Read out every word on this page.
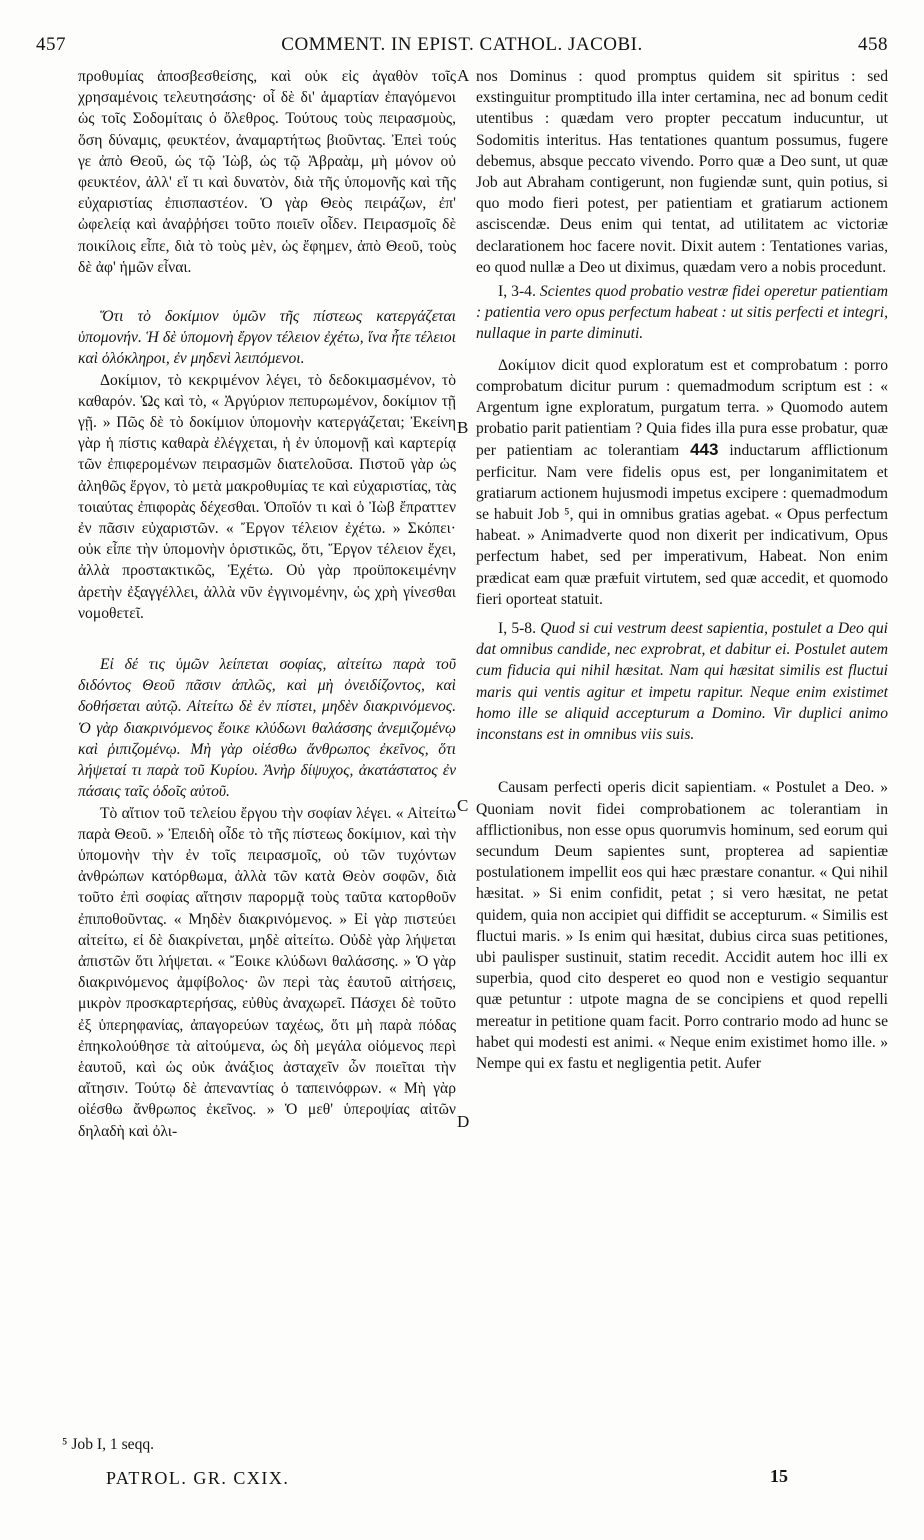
457	COMMENT. IN EPIST. CATHOL. JACOBI.	458
A
B
C
D

προθυμίας ἀποσβεσθείσης, καὶ οὐκ εἰς ἀγαθὸν τοῖς χρησαμένοις τελευτησάσης· οἷ δὲ δι' ἁμαρτίαν ἐπαγόμενοι ὡς τοῖς Σοδομίταις ὁ ὄλεθρος. Τούτους τοὺς πειρασμοὺς, ὅση δύναμις, φευκτέον, ἀναμαρτήτως βιοῦντας. Ἐπεὶ τούς γε ἀπὸ Θεοῦ, ὡς τῷ Ἰὼβ, ὡς τῷ Ἀβραὰμ, μὴ μόνον οὐ φευκτέον, ἀλλ' εἴ τι καὶ δυνατὸν, διὰ τῆς ὑπομονῆς καὶ τῆς εὐχαριστίας ἐπισπαστέον. Ὁ γὰρ Θεὸς πειράζων, ἐπ' ὠφελείᾳ καὶ ἀναῤῥήσει τοῦτο ποιεῖν οἶδεν. Πειρασμοῖς δὲ ποικίλοις εἶπε, διὰ τὸ τοὺς μὲν, ὡς ἔφημεν, ἀπὸ Θεοῦ, τοὺς δὲ ἀφ' ἡμῶν εἶναι.

Ὅτι τὸ δοκίμιον ὑμῶν τῆς πίστεως κατεργάζεται ὑπομονήν. Ἡ δὲ ὑπομονὴ ἔργον τέλειον ἐχέτω, ἵνα ἦτε τέλειοι καὶ ὁλόκληροι, ἐν μηδενὶ λειπόμενοι.

Δοκίμιον, τὸ κεκριμένον λέγει, τὸ δεδοκιμασμένον, τὸ καθαρόν. Ὡς καὶ τὸ, « Ἀργύριον πεπυρωμένον, δοκίμιον τῇ γῇ. » Πῶς δὲ τὸ δοκίμιον ὑπομονὴν κατεργάζεται; Ἐκείνη γὰρ ἡ πίστις καθαρὰ ἐλέγχεται, ἡ ἐν ὑπομονῇ καὶ καρτερίᾳ τῶν ἐπιφερομένων πειρασμῶν διατελοῦσα. Πιστοῦ γὰρ ὡς ἀληθῶς ἔργον, τὸ μετὰ μακροθυμίας τε καὶ εὐχαριστίας, τὰς τοιαύτας ἐπιφορὰς δέχεσθαι. Ὁποῖόν τι καὶ ὁ Ἰὼβ ἔπραττεν ἐν πᾶσιν εὐχαριστῶν. « Ἔργον τέλειον ἐχέτω. » Σκόπει· οὐκ εἶπε τὴν ὑπομονὴν ὁριστικῶς, ὅτι, Ἔργον τέλειον ἔχει, ἀλλὰ προστακτικῶς, Ἐχέτω. Οὐ γὰρ προϋποκειμένην ἀρετὴν ἐξαγγέλλει, ἀλλὰ νῦν ἐγγινομένην, ὡς χρὴ γίνεσθαι νομοθετεῖ.

Εἰ δέ τις ὑμῶν λείπεται σοφίας, αἰτείτω παρὰ τοῦ διδόντος Θεοῦ πᾶσιν ἁπλῶς, καὶ μὴ ὀνειδίζοντος, καὶ δοθήσεται αὐτῷ. Αἰτείτω δὲ ἐν πίστει, μηδὲν διακρινόμενος. Ὁ γὰρ διακρινόμενος ἔοικε κλύδωνι θαλάσσης ἀνεμιζομένῳ καὶ ῥιπιζομένῳ. Μὴ γὰρ οἰέσθω ἄνθρωπος ἐκεῖνος, ὅτι λήψεταί τι παρὰ τοῦ Κυρίου. Ἀνὴρ δίψυχος, ἀκατάστατος ἐν πάσαις ταῖς ὁδοῖς αὐτοῦ.

Τὸ αἴτιον τοῦ τελείου ἔργου τὴν σοφίαν λέγει. « Αἰτείτω παρὰ Θεοῦ. » Ἐπειδὴ οἶδε τὸ τῆς πίστεως δοκίμιον, καὶ τὴν ὑπομονὴν τὴν ἐν τοῖς πειρασμοῖς, οὐ τῶν τυχόντων ἀνθρώπων κατόρθωμα, ἀλλὰ τῶν κατὰ Θεὸν σοφῶν, διὰ τοῦτο ἐπὶ σοφίας αἴτησιν παρορμᾷ τοὺς ταῦτα κατορθοῦν ἐπιποθοῦντας. « Μηδὲν διακρινόμενος. » Εἰ γὰρ πιστεύει αἰτείτω, εἰ δὲ διακρίνεται, μηδὲ αἰτείτω. Οὐδὲ γὰρ λήψεται ἀπιστῶν ὅτι λήψεται. « Ἔοικε κλύδωνι θαλάσσης. » Ὁ γὰρ διακρινόμενος ἀμφίβολος· ὢν περὶ τὰς ἑαυτοῦ αἰτήσεις, μικρὸν προσκαρτερήσας, εὐθὺς ἀναχωρεῖ. Πάσχει δὲ τοῦτο ἐξ ὑπερηφανίας, ἀπαγορεύων ταχέως, ὅτι μὴ παρὰ πόδας ἐπηκολούθησε τὰ αἰτούμενα, ὡς δὴ μεγάλα οἰόμενος περὶ ἑαυτοῦ, καὶ ὡς οὐκ ἀνάξιος ἀσταχεῖν ὧν ποιεῖται τὴν αἴτησιν. Τούτῳ δὲ ἀπεναντίας ὁ ταπεινόφρων. « Μὴ γὰρ οἰέσθω ἄνθρωπος ἐκεῖνος. » Ὁ μεθ' ὑπεροψίας αἰτῶν δηλαδὴ καὶ ὀλι-

nos Dominus : quod promptus quidem sit spiritus : sed exstinguitur promptitudo illa inter certamina, nec ad bonum cedit utentibus : quædam vero propter peccatum inducuntur, ut Sodomitis interitus. Has tentationes quantum possumus, fugere debemus, absque peccato vivendo. Porro quæ a Deo sunt, ut quæ Job aut Abraham contigerunt, non fugiendæ sunt, quin potius, si quo modo fieri potest, per patientiam et gratiarum actionem asciscendæ. Deus enim qui tentat, ad utilitatem ac victoriæ declarationem hoc facere novit. Dixit autem : Tentationes varias, eo quod nullæ a Deo ut diximus, quædam vero a nobis procedunt.

I, 3-4. Scientes quod probatio vestræ fidei operetur patientiam : patientia vero opus perfectum habeat : ut sitis perfecti et integri, nullaque in parte diminuti.

Δοκίμιον dicit quod exploratum est et comprobatum : porro comprobatum dicitur purum : quemadmodum scriptum est : « Argentum igne exploratum, purgatum terra. » Quomodo autem probatio parit patientiam ? Quia fides illa pura esse probatur, quæ per patientiam ac tolerantiam 443 inductarum afflictionum perficitur. Nam vere fidelis opus est, per longanimitatem et gratiarum actionem hujusmodi impetus excipere : quemadmodum se habuit Job ⁵, qui in omnibus gratias agebat. « Opus perfectum habeat. » Animadverte quod non dixerit per indicativum, Opus perfectum habet, sed per imperativum, Habeat. Non enim prædicat eam quæ præfuit virtutem, sed quæ accedit, et quomodo fieri oporteat statuit.

I, 5-8. Quod si cui vestrum deest sapientia, postulet a Deo qui dat omnibus candide, nec exprobrat, et dabitur ei. Postulet autem cum fiducia qui nihil hæsitat. Nam qui hæsitat similis est fluctui maris qui ventis agitur et impetu rapitur. Neque enim existimet homo ille se aliquid accepturum a Domino. Vir duplici animo inconstans est in omnibus viis suis.

Causam perfecti operis dicit sapientiam. « Postulet a Deo. » Quoniam novit fidei comprobationem ac tolerantiam in afflictionibus, non esse opus quorumvis hominum, sed eorum qui secundum Deum sapientes sunt, propterea ad sapientiæ postulationem impellit eos qui hæc præstare conantur. « Qui nihil hæsitat. » Si enim confidit, petat ; si vero hæsitat, ne petat quidem, quia non accipiet qui diffidit se accepturum. « Similis est fluctui maris. » Is enim qui hæsitat, dubius circa suas petitiones, ubi paulisper sustinuit, statim recedit. Accidit autem hoc illi ex superbia, quod cito desperet eo quod non e vestigio sequantur quæ petuntur : utpote magna de se concipiens et quod repelli mereatur in petitione quam facit. Porro contrario modo ad hunc se habet qui modesti est animi. « Neque enim existimet homo ille. » Nempe qui ex fastu et negligentia petit. Aufer

⁵ Job I, 1 seqq.
PATROL. GR. CXIX.	15
